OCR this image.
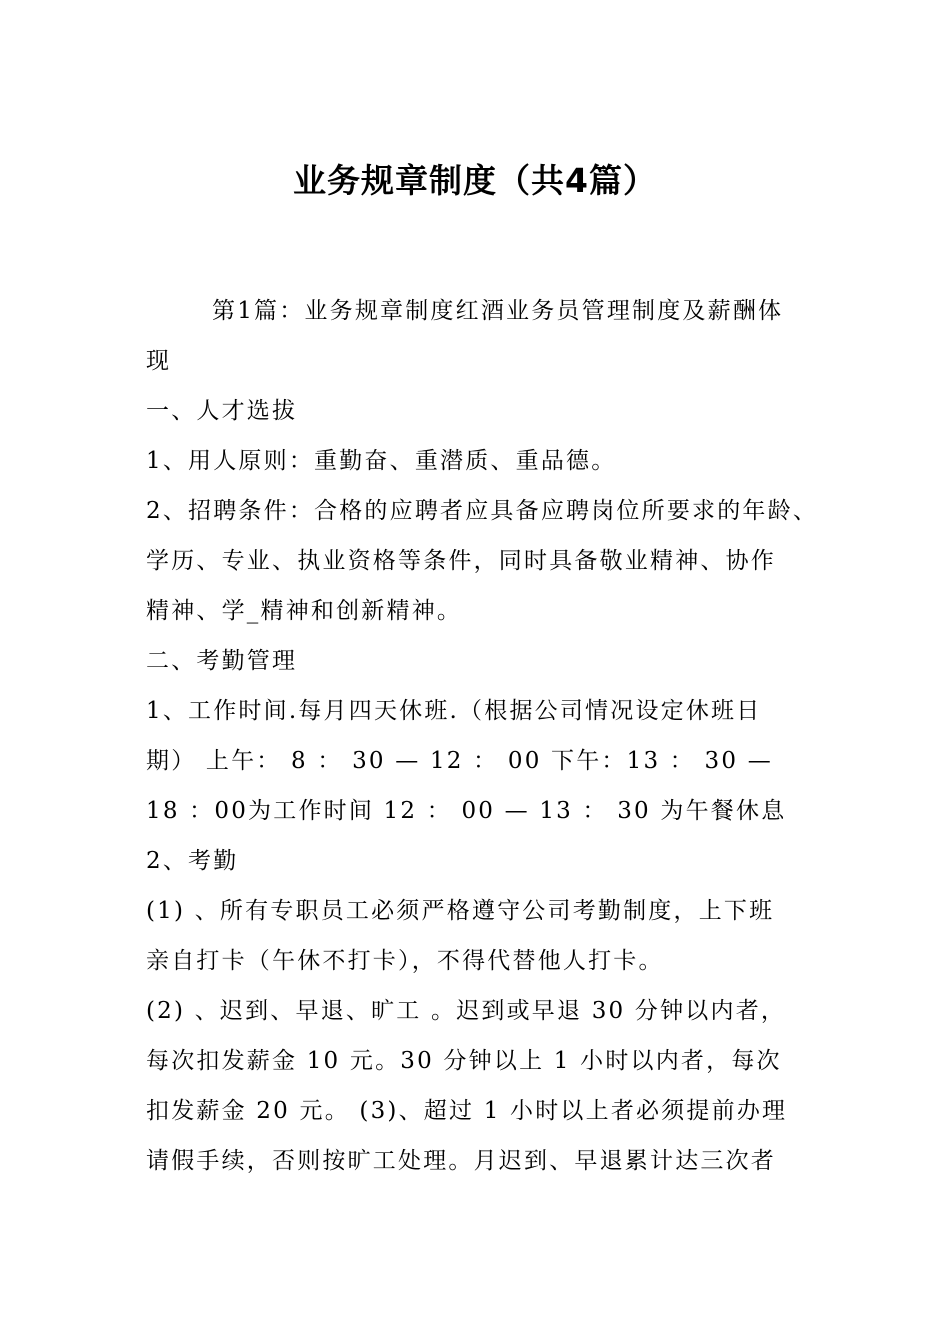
业务规章制度（共4篇）
第1篇：业务规章制度红酒业务员管理制度及薪酬体
现
一、人才选拔
1、用人原则：重勤奋、重潜质、重品德。
2、招聘条件：合格的应聘者应具备应聘岗位所要求的年龄、
学历、专业、执业资格等条件，同时具备敬业精神、协作
精神、学_精神和创新精神。
二、考勤管理
1、工作时间.每月四天休班.（根据公司情况设定休班日
期） 上午： 8 ： 30 — 12 ： 00 下午：13 ： 30 —
18 ：00为工作时间 12 ： 00 — 13 ： 30 为午餐休息
2、考勤
(1) 、所有专职员工必须严格遵守公司考勤制度，上下班
亲自打卡（午休不打卡），不得代替他人打卡。
(2) 、迟到、早退、旷工 。迟到或早退 30 分钟以内者，
每次扣发薪金 10 元。30 分钟以上 1 小时以内者，每次
扣发薪金 20 元。 (3)、超过 1 小时以上者必须提前办理
请假手续，否则按旷工处理。月迟到、早退累计达三次者
